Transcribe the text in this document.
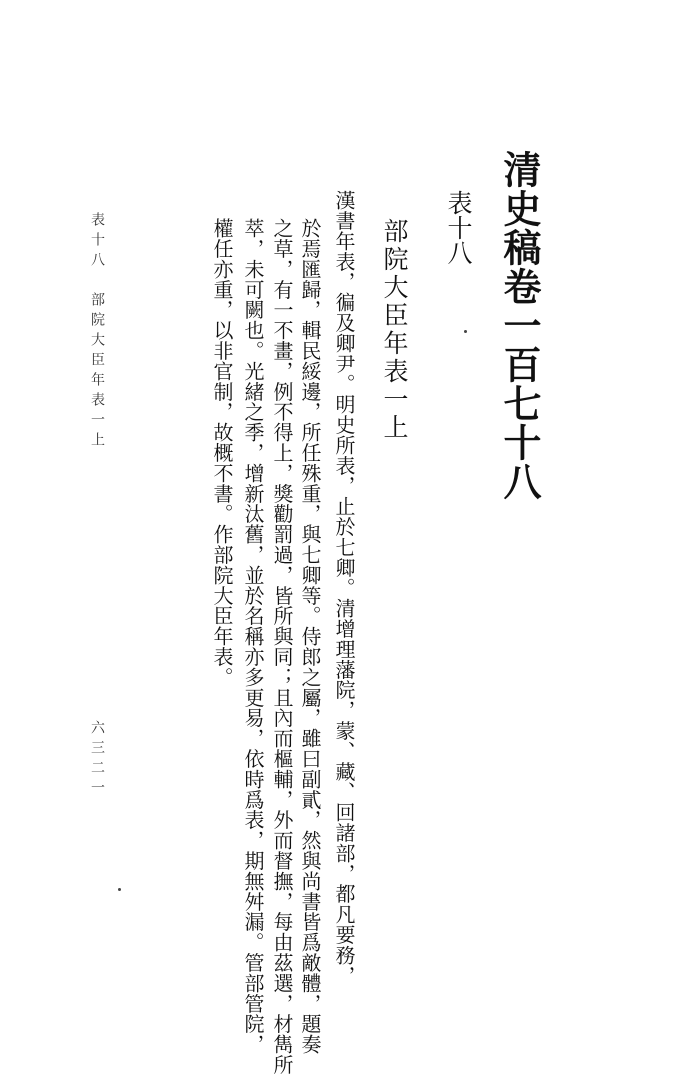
清史稿卷一百七十八
表十八
部院大臣年表一上
漢書年表，徧及卿尹。明史所表，止於七卿。清增理藩院，蒙、藏、回諸部，都凡要務，
於焉匯歸，輯民綏邊，所任殊重，與七卿等。侍郎之屬，雖曰副貳，然與尚書皆爲敵體，題奏
之草，有一不畫，例不得上，獎勸罰過，皆所與同；且內而樞輔，外而督撫，每由茲選，材雋所
萃，未可闕也。光緒之季，增新汰舊，並於名稱亦多更易，依時爲表，期無舛漏。管部管院，
權任亦重，以非官制，故概不書。作部院大臣年表。
表十八　部院大臣年表一上
六三二一
